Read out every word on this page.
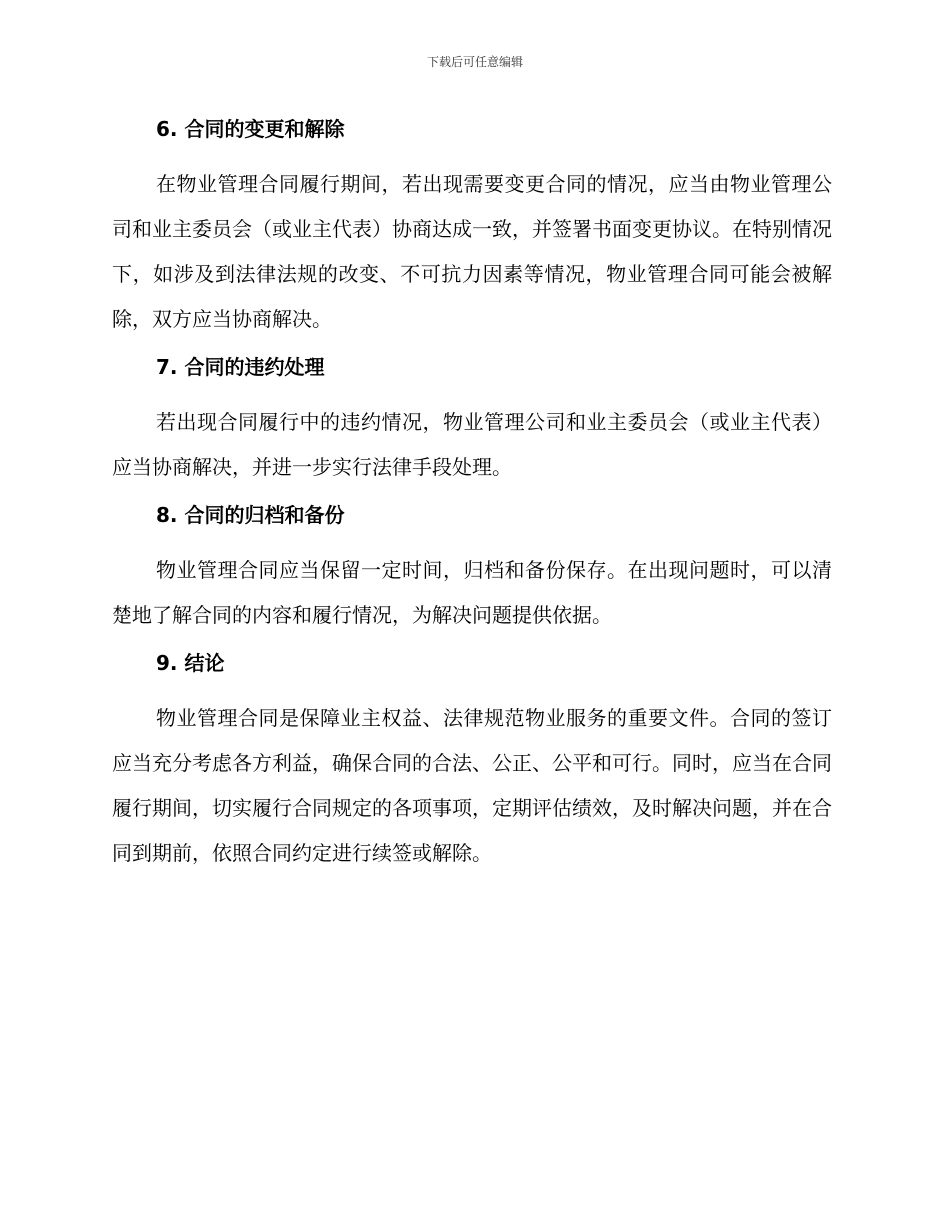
下载后可任意编辑
6. 合同的变更和解除

在物业管理合同履行期间，若出现需要变更合同的情况，应当由物业管理公司和业主委员会（或业主代表）协商达成一致，并签署书面变更协议。在特别情况下，如涉及到法律法规的改变、不可抗力因素等情况，物业管理合同可能会被解除，双方应当协商解决。

7. 合同的违约处理

若出现合同履行中的违约情况，物业管理公司和业主委员会（或业主代表）应当协商解决，并进一步实行法律手段处理。

8. 合同的归档和备份

物业管理合同应当保留一定时间，归档和备份保存。在出现问题时，可以清楚地了解合同的内容和履行情况，为解决问题提供依据。

9. 结论

物业管理合同是保障业主权益、法律规范物业服务的重要文件。合同的签订应当充分考虑各方利益，确保合同的合法、公正、公平和可行。同时，应当在合同履行期间，切实履行合同规定的各项事项，定期评估绩效，及时解决问题，并在合同到期前，依照合同约定进行续签或解除。
